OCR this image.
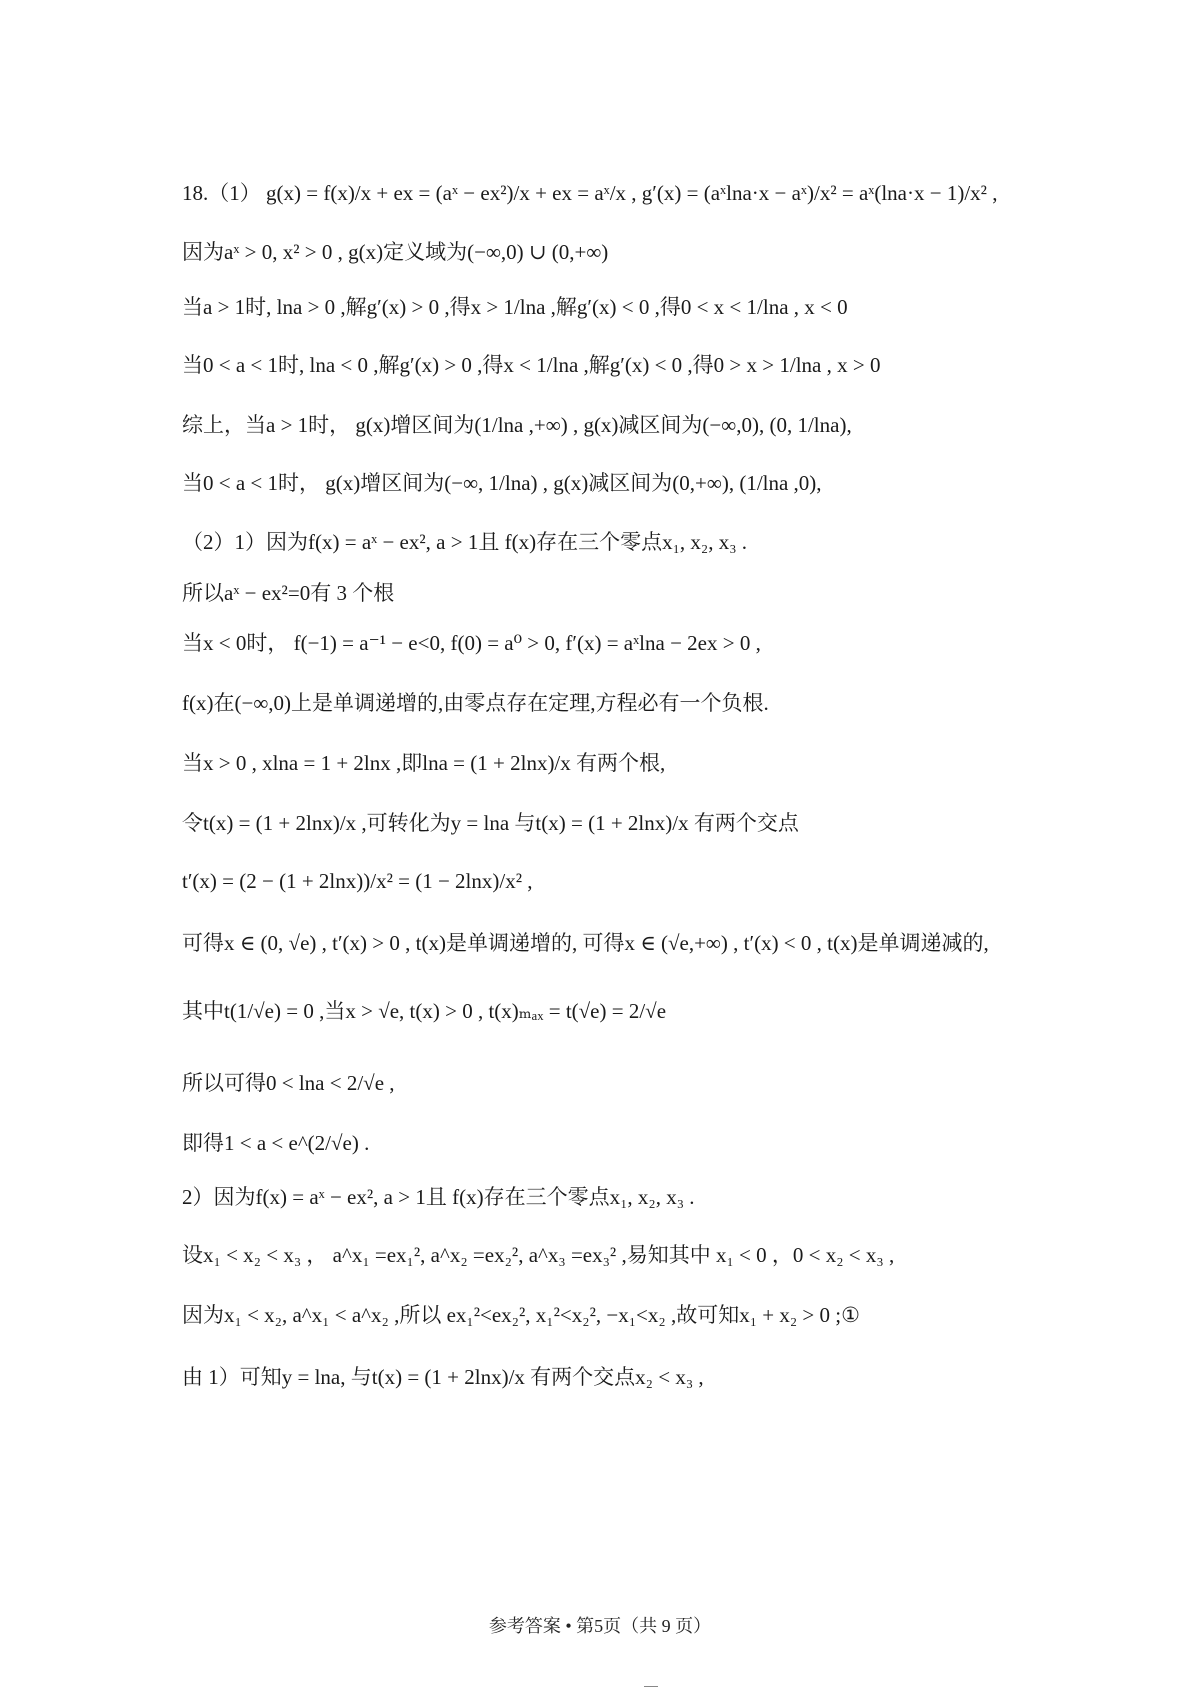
18.（1） g(x) = f(x)/x + ex = (aˣ − ex²)/x + ex = aˣ/x , g′(x) = (aˣlna·x − aˣ)/x² = aˣ(lna·x − 1)/x² ,
因为aˣ > 0, x² > 0 , g(x)定义域为(−∞,0) ∪ (0,+∞)
当a > 1时, lna > 0 ,解g′(x) > 0 ,得x > 1/lna ,解g′(x) < 0 ,得0 < x < 1/lna , x < 0
当0 < a < 1时, lna < 0 ,解g′(x) > 0 ,得x < 1/lna ,解g′(x) < 0 ,得0 > x > 1/lna , x > 0
综上，当a > 1时， g(x)增区间为(1/lna ,+∞) , g(x)减区间为(−∞,0), (0, 1/lna),
当0 < a < 1时， g(x)增区间为(−∞, 1/lna) , g(x)减区间为(0,+∞), (1/lna ,0),
（2）1）因为f(x) = aˣ − ex², a > 1且 f(x)存在三个零点x₁, x₂, x₃ .
所以aˣ − ex²=0有 3 个根
当x < 0时， f(−1) = a⁻¹ − e<0, f(0) = a⁰ > 0, f′(x) = aˣlna − 2ex > 0 ,
f(x)在(−∞,0)上是单调递增的,由零点存在定理,方程必有一个负根.
当x > 0 , xlna = 1 + 2lnx ,即lna = (1 + 2lnx)/x 有两个根,
令t(x) = (1 + 2lnx)/x ,可转化为y = lna 与t(x) = (1 + 2lnx)/x 有两个交点
t′(x) = (2 − (1 + 2lnx))/x² = (1 − 2lnx)/x² ,
可得x ∈ (0, √e) , t′(x) > 0 , t(x)是单调递增的, 可得x ∈ (√e,+∞) , t′(x) < 0 , t(x)是单调递减的,
其中t(1/√e) = 0 ,当x > √e, t(x) > 0 , t(x)ₘₐₓ = t(√e) = 2/√e
所以可得0 < lna < 2/√e ,
即得1 < a < e^(2/√e) .
2）因为f(x) = aˣ − ex², a > 1且 f(x)存在三个零点x₁, x₂, x₃ .
设x₁ < x₂ < x₃ ， a^x₁ =ex₁², a^x₂ =ex₂², a^x₃ =ex₃² ,易知其中 x₁ < 0 ，0 < x₂ < x₃ ,
因为x₁ < x₂, a^x₁ < a^x₂ ,所以 ex₁²<ex₂², x₁²<x₂², −x₁<x₂ ,故可知x₁ + x₂ > 0 ;①
由 1）可知y = lna, 与t(x) = (1 + 2lnx)/x 有两个交点x₂ < x₃ ,
参考答案 • 第5页（共 9 页）
